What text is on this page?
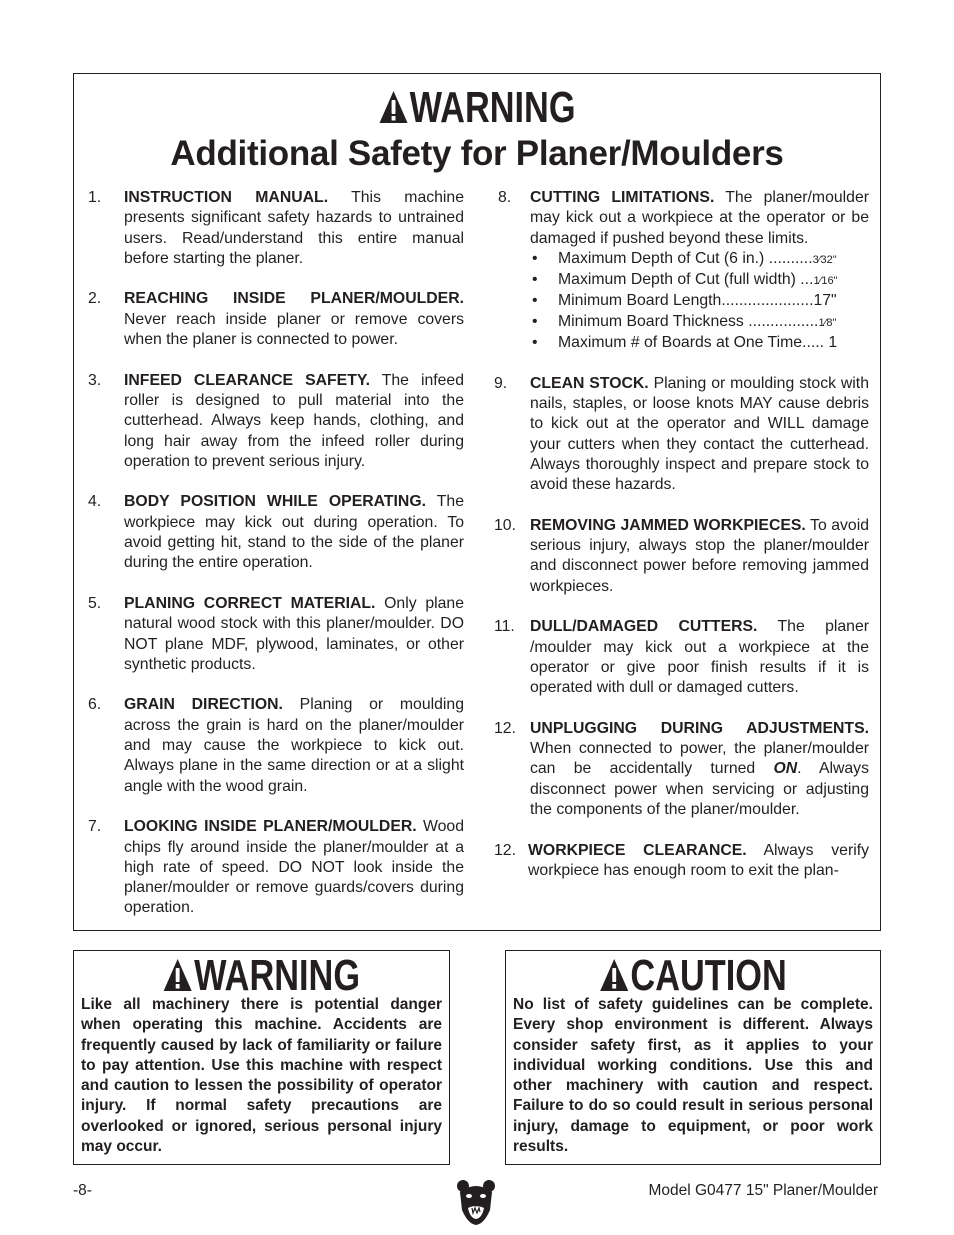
WARNING
Additional Safety for Planer/Moulders
1. INSTRUCTION MANUAL. This machine presents significant safety hazards to untrained users. Read/understand this entire manual before starting the planer.
2. REACHING INSIDE PLANER/MOULDER. Never reach inside planer or remove covers when the planer is connected to power.
3. INFEED CLEARANCE SAFETY. The infeed roller is designed to pull material into the cutterhead. Always keep hands, clothing, and long hair away from the infeed roller during operation to prevent serious injury.
4. BODY POSITION WHILE OPERATING. The workpiece may kick out during operation. To avoid getting hit, stand to the side of the planer during the entire operation.
5. PLANING CORRECT MATERIAL. Only plane natural wood stock with this planer/moulder. DO NOT plane MDF, plywood, laminates, or other synthetic products.
6. GRAIN DIRECTION. Planing or moulding across the grain is hard on the planer/moulder and may cause the workpiece to kick out. Always plane in the same direction or at a slight angle with the wood grain.
7. LOOKING INSIDE PLANER/MOULDER. Wood chips fly around inside the planer/moulder at a high rate of speed. DO NOT look inside the planer/moulder or remove guards/covers during operation.
8. CUTTING LIMITATIONS. The planer/moulder may kick out a workpiece at the operator or be damaged if pushed beyond these limits.
• Maximum Depth of Cut (6 in.) ..........3⁄32"
• Maximum Depth of Cut (full width) ...1⁄16"
• Minimum Board Length.....................17"
• Minimum Board Thickness ................1⁄8"
• Maximum # of Boards at One Time..... 1
9. CLEAN STOCK. Planing or moulding stock with nails, staples, or loose knots MAY cause debris to kick out at the operator and WILL damage your cutters when they contact the cutterhead. Always thoroughly inspect and prepare stock to avoid these hazards.
10. REMOVING JAMMED WORKPIECES. To avoid serious injury, always stop the planer/moulder and disconnect power before removing jammed workpieces.
11. DULL/DAMAGED CUTTERS. The planer /moulder may kick out a workpiece at the operator or give poor finish results if it is operated with dull or damaged cutters.
12. UNPLUGGING DURING ADJUSTMENTS. When connected to power, the planer/moulder can be accidentally turned ON. Always disconnect power when servicing or adjusting the components of the planer/moulder.
12. WORKPIECE CLEARANCE. Always verify workpiece has enough room to exit the plan-
WARNING
Like all machinery there is potential danger when operating this machine. Accidents are frequently caused by lack of familiarity or failure to pay attention. Use this machine with respect and caution to lessen the possibility of operator injury. If normal safety precautions are overlooked or ignored, serious personal injury may occur.
CAUTION
No list of safety guidelines can be complete. Every shop environment is different. Always consider safety first, as it applies to your individual working conditions. Use this and other machinery with caution and respect. Failure to do so could result in serious personal injury, damage to equipment, or poor work results.
-8-	Model G0477 15" Planer/Moulder
